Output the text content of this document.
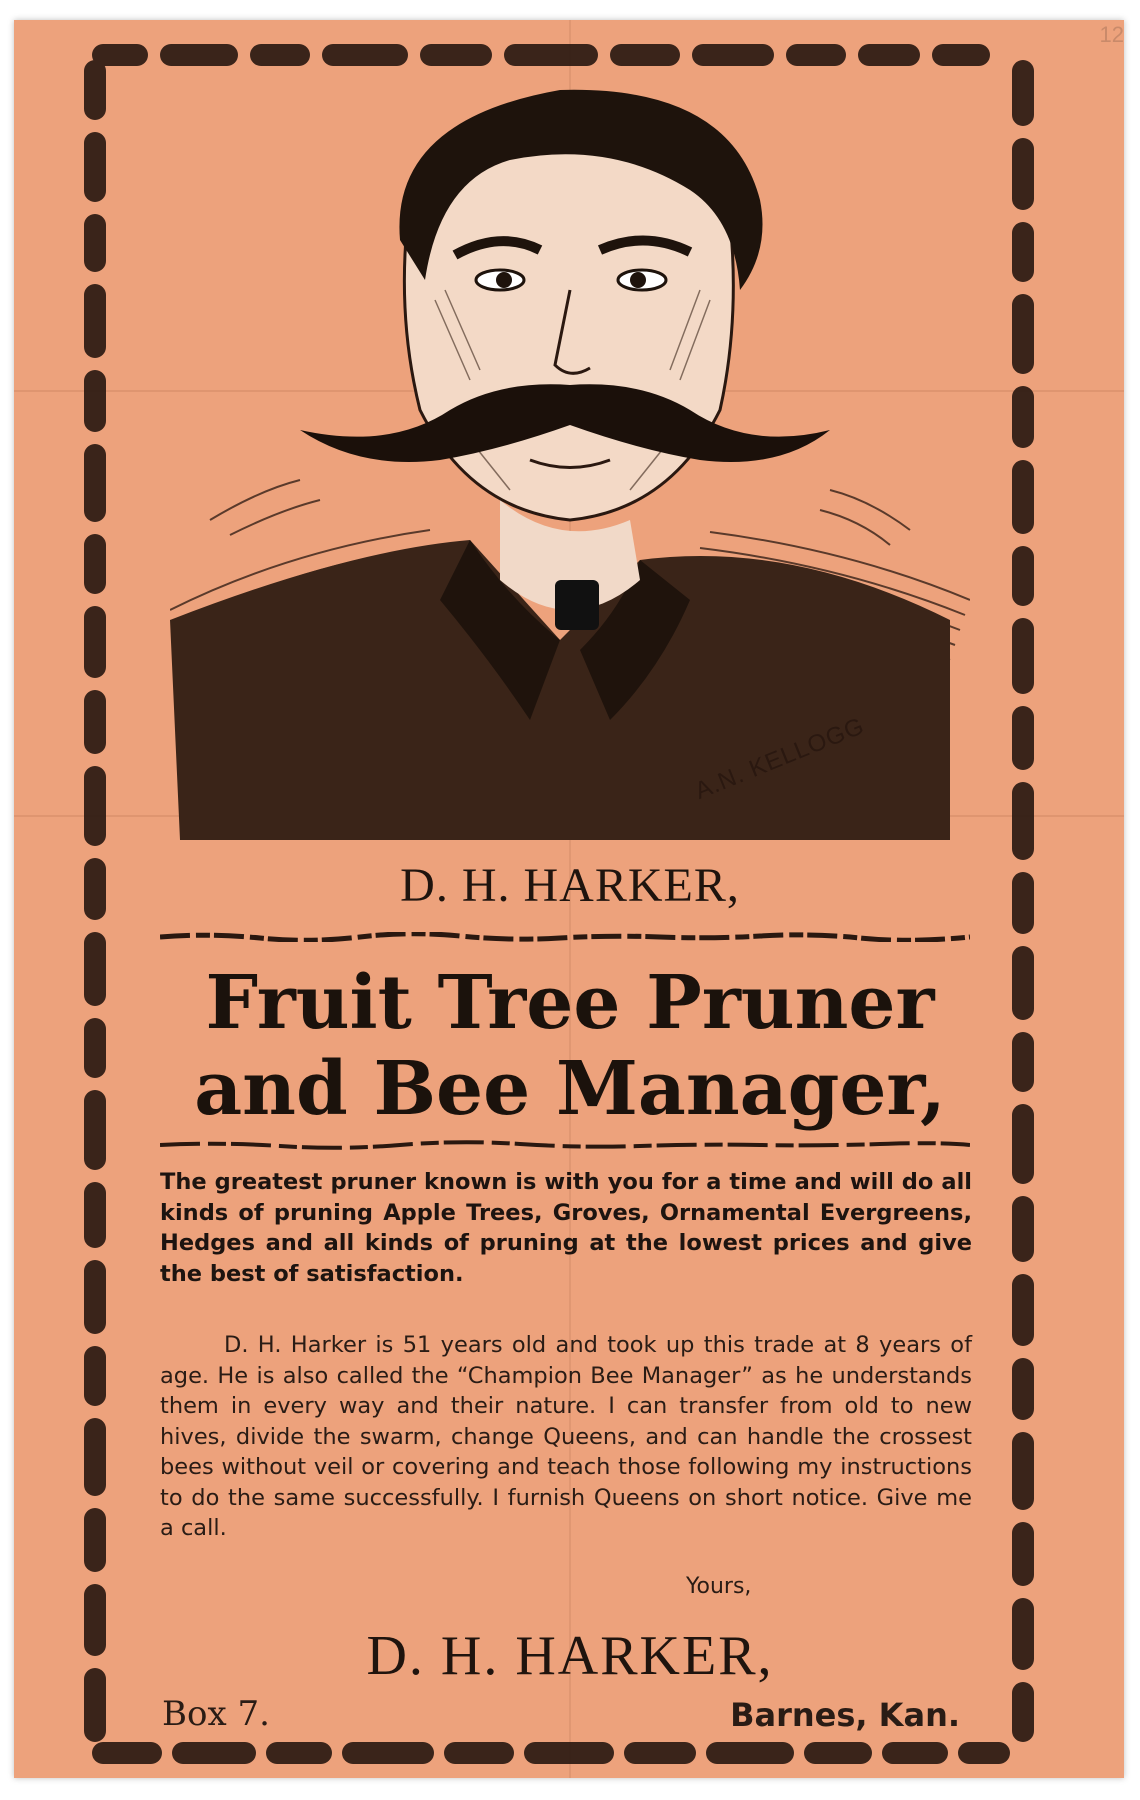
12
A.N. KELLOGG
D. H. HARKER,
Fruit Tree Pruner
and Bee Manager,
The greatest pruner known is with you for a time and will do all kinds of pruning Apple Trees, Groves, Ornamental Evergreens, Hedges and all kinds of pruning at the lowest prices and give the best of satisfaction.
D. H. Harker is 51 years old and took up this trade at 8 years of age. He is also called the “Champion Bee Manager” as he understands them in every way and their nature. I can transfer from old to new hives, divide the swarm, change Queens, and can handle the crossest bees without veil or covering and teach those following my instructions to do the same successfully. I furnish Queens on short notice. Give me a call.
Yours,
D. H. HARKER,
Box 7.	Barnes, Kan.
